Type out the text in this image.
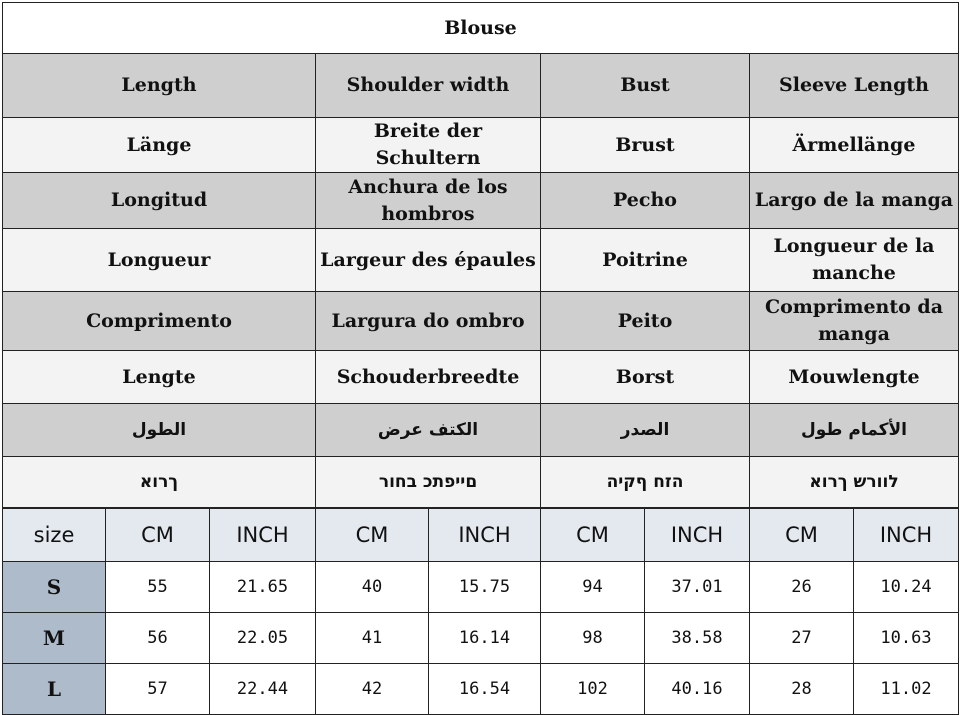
Blouse			
Length	Shoulder width	Bust	Sleeve Length
Länge	Breite der Schultern	Brust	Ärmellänge
Longitud	Anchura de los hombros	Pecho	Largo de la manga
Longueur	Largeur des épaules	Poitrine	Longueur de la manche
Comprimento	Largura do ombro	Peito	Comprimento da manga
Lengte	Schouderbreedte	Borst	Mouwlengte
الطول	الكتف عرض	الصدر	الأكمام طول
ךרוא	םייפתכ בחור	הזח ףקיה	לוורש ךרוא
size	CM	INCH	CM	INCH	CM	INCH	CM	INCH
S	55	21.65	40	15.75	94	37.01	26	10.24
M	56	22.05	41	16.14	98	38.58	27	10.63
L	57	22.44	42	16.54	102	40.16	28	11.02
